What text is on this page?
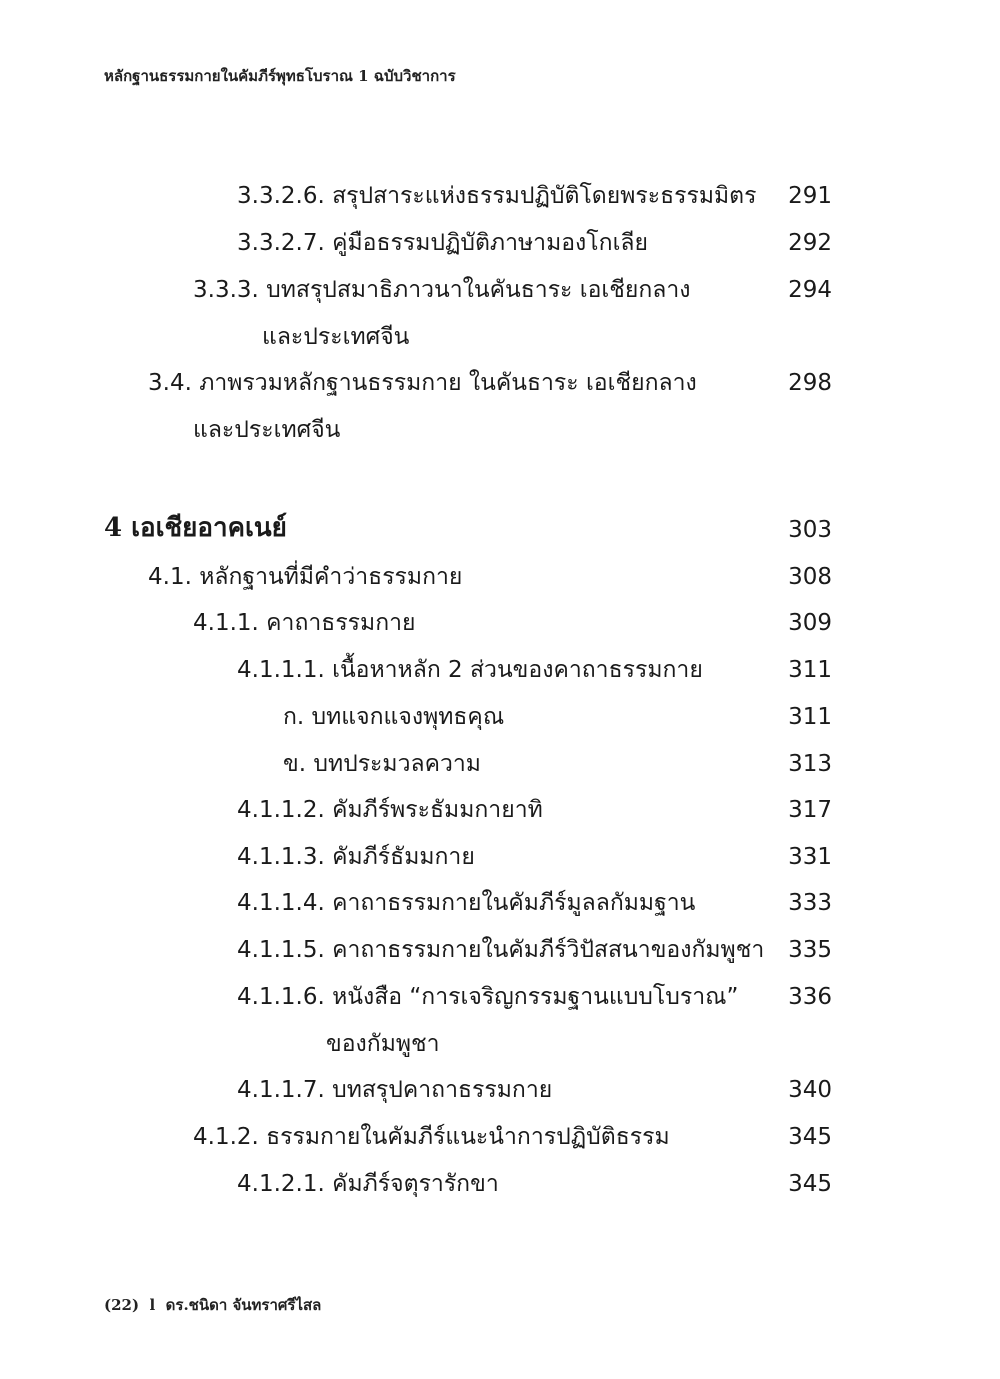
หลักฐานธรรมกายในคัมภีร์พุทธโบราณ 1 ฉบับวิชาการ
3.3.2.6. สรุปสาระแห่งธรรมปฏิบัติโดยพระธรรมมิตร	291
3.3.2.7. คู่มือธรรมปฏิบัติภาษามองโกเลีย	292
3.3.3. บทสรุปสมาธิภาวนาในคันธาระ เอเชียกลาง	294
และประเทศจีน
3.4. ภาพรวมหลักฐานธรรมกาย ในคันธาระ เอเชียกลาง	298
และประเทศจีน
4 เอเชียอาคเนย์	303
4.1. หลักฐานที่มีคำว่าธรรมกาย	308
4.1.1. คาถาธรรมกาย	309
4.1.1.1. เนื้อหาหลัก 2 ส่วนของคาถาธรรมกาย	311
ก. บทแจกแจงพุทธคุณ	311
ข. บทประมวลความ	313
4.1.1.2. คัมภีร์พระธัมมกายาทิ	317
4.1.1.3. คัมภีร์ธัมมกาย	331
4.1.1.4. คาถาธรรมกายในคัมภีร์มูลลกัมมฐาน	333
4.1.1.5. คาถาธรรมกายในคัมภีร์วิปัสสนาของกัมพูชา	335
4.1.1.6. หนังสือ “การเจริญกรรมฐานแบบโบราณ”	336
ของกัมพูชา
4.1.1.7. บทสรุปคาถาธรรมกาย	340
4.1.2. ธรรมกายในคัมภีร์แนะนำการปฏิบัติธรรม	345
4.1.2.1. คัมภีร์จตุรารักขา	345
(22)  l  ดร.ชนิดา จันทราศรีไสล
